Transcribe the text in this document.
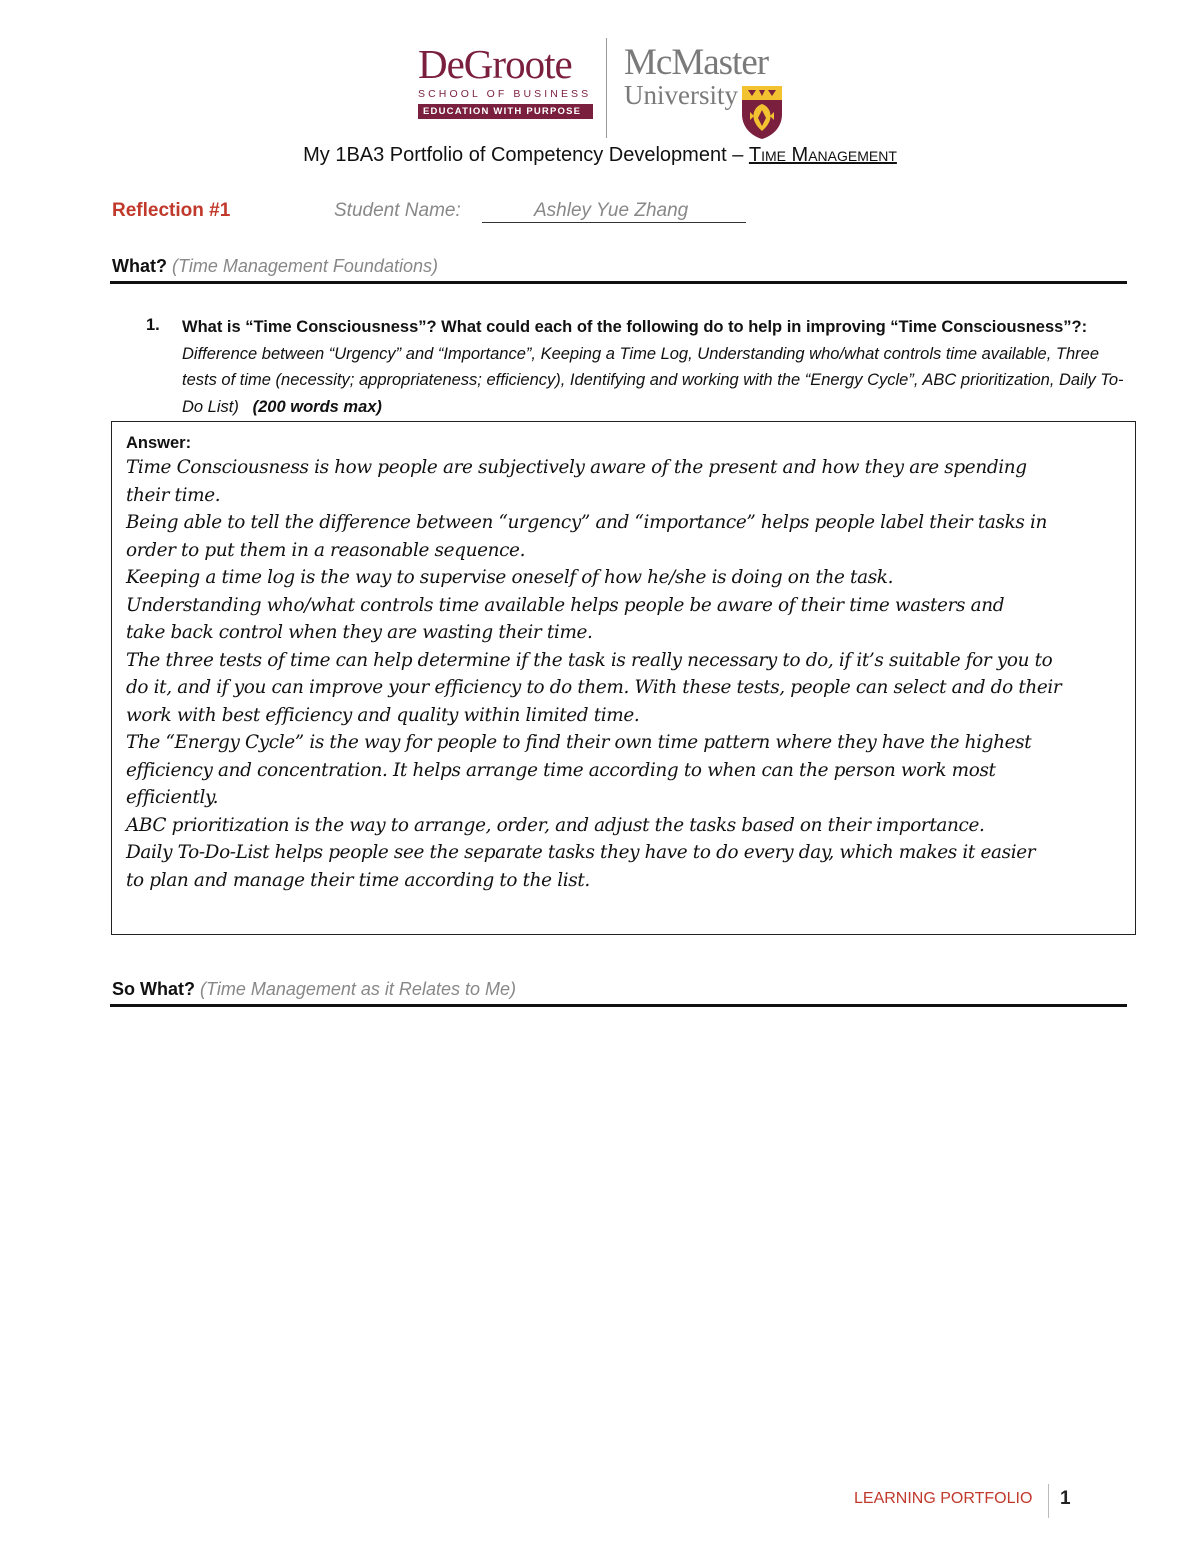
DeGroote
SCHOOL OF BUSINESS
EDUCATION WITH PURPOSE
McMaster
University
My 1BA3 Portfolio of Competency Development – Time Management
Reflection #1	Student Name:	Ashley Yue Zhang
What? (Time Management Foundations)
1. What is “Time Consciousness”? What could each of the following do to help in improving “Time Consciousness”?: Difference between “Urgency” and “Importance”, Keeping a Time Log, Understanding who/what controls time available, Three tests of time (necessity; appropriateness; efficiency), Identifying and working with the “Energy Cycle”, ABC prioritization, Daily To-Do List) (200 words max)
Answer:
Time Consciousness is how people are subjectively aware of the present and how they are spending
their time.
Being able to tell the difference between “urgency” and “importance” helps people label their tasks in
order to put them in a reasonable sequence.
Keeping a time log is the way to supervise oneself of how he/she is doing on the task.
Understanding who/what controls time available helps people be aware of their time wasters and
take back control when they are wasting their time.
The three tests of time can help determine if the task is really necessary to do, if it’s suitable for you to
do it, and if you can improve your efficiency to do them. With these tests, people can select and do their
work with best efficiency and quality within limited time.
The “Energy Cycle” is the way for people to find their own time pattern where they have the highest
efficiency and concentration. It helps arrange time according to when can the person work most
efficiently.
ABC prioritization is the way to arrange, order, and adjust the tasks based on their importance.
Daily To-Do-List helps people see the separate tasks they have to do every day, which makes it easier
to plan and manage their time according to the list.
So What? (Time Management as it Relates to Me)
LEARNING PORTFOLIO 1
